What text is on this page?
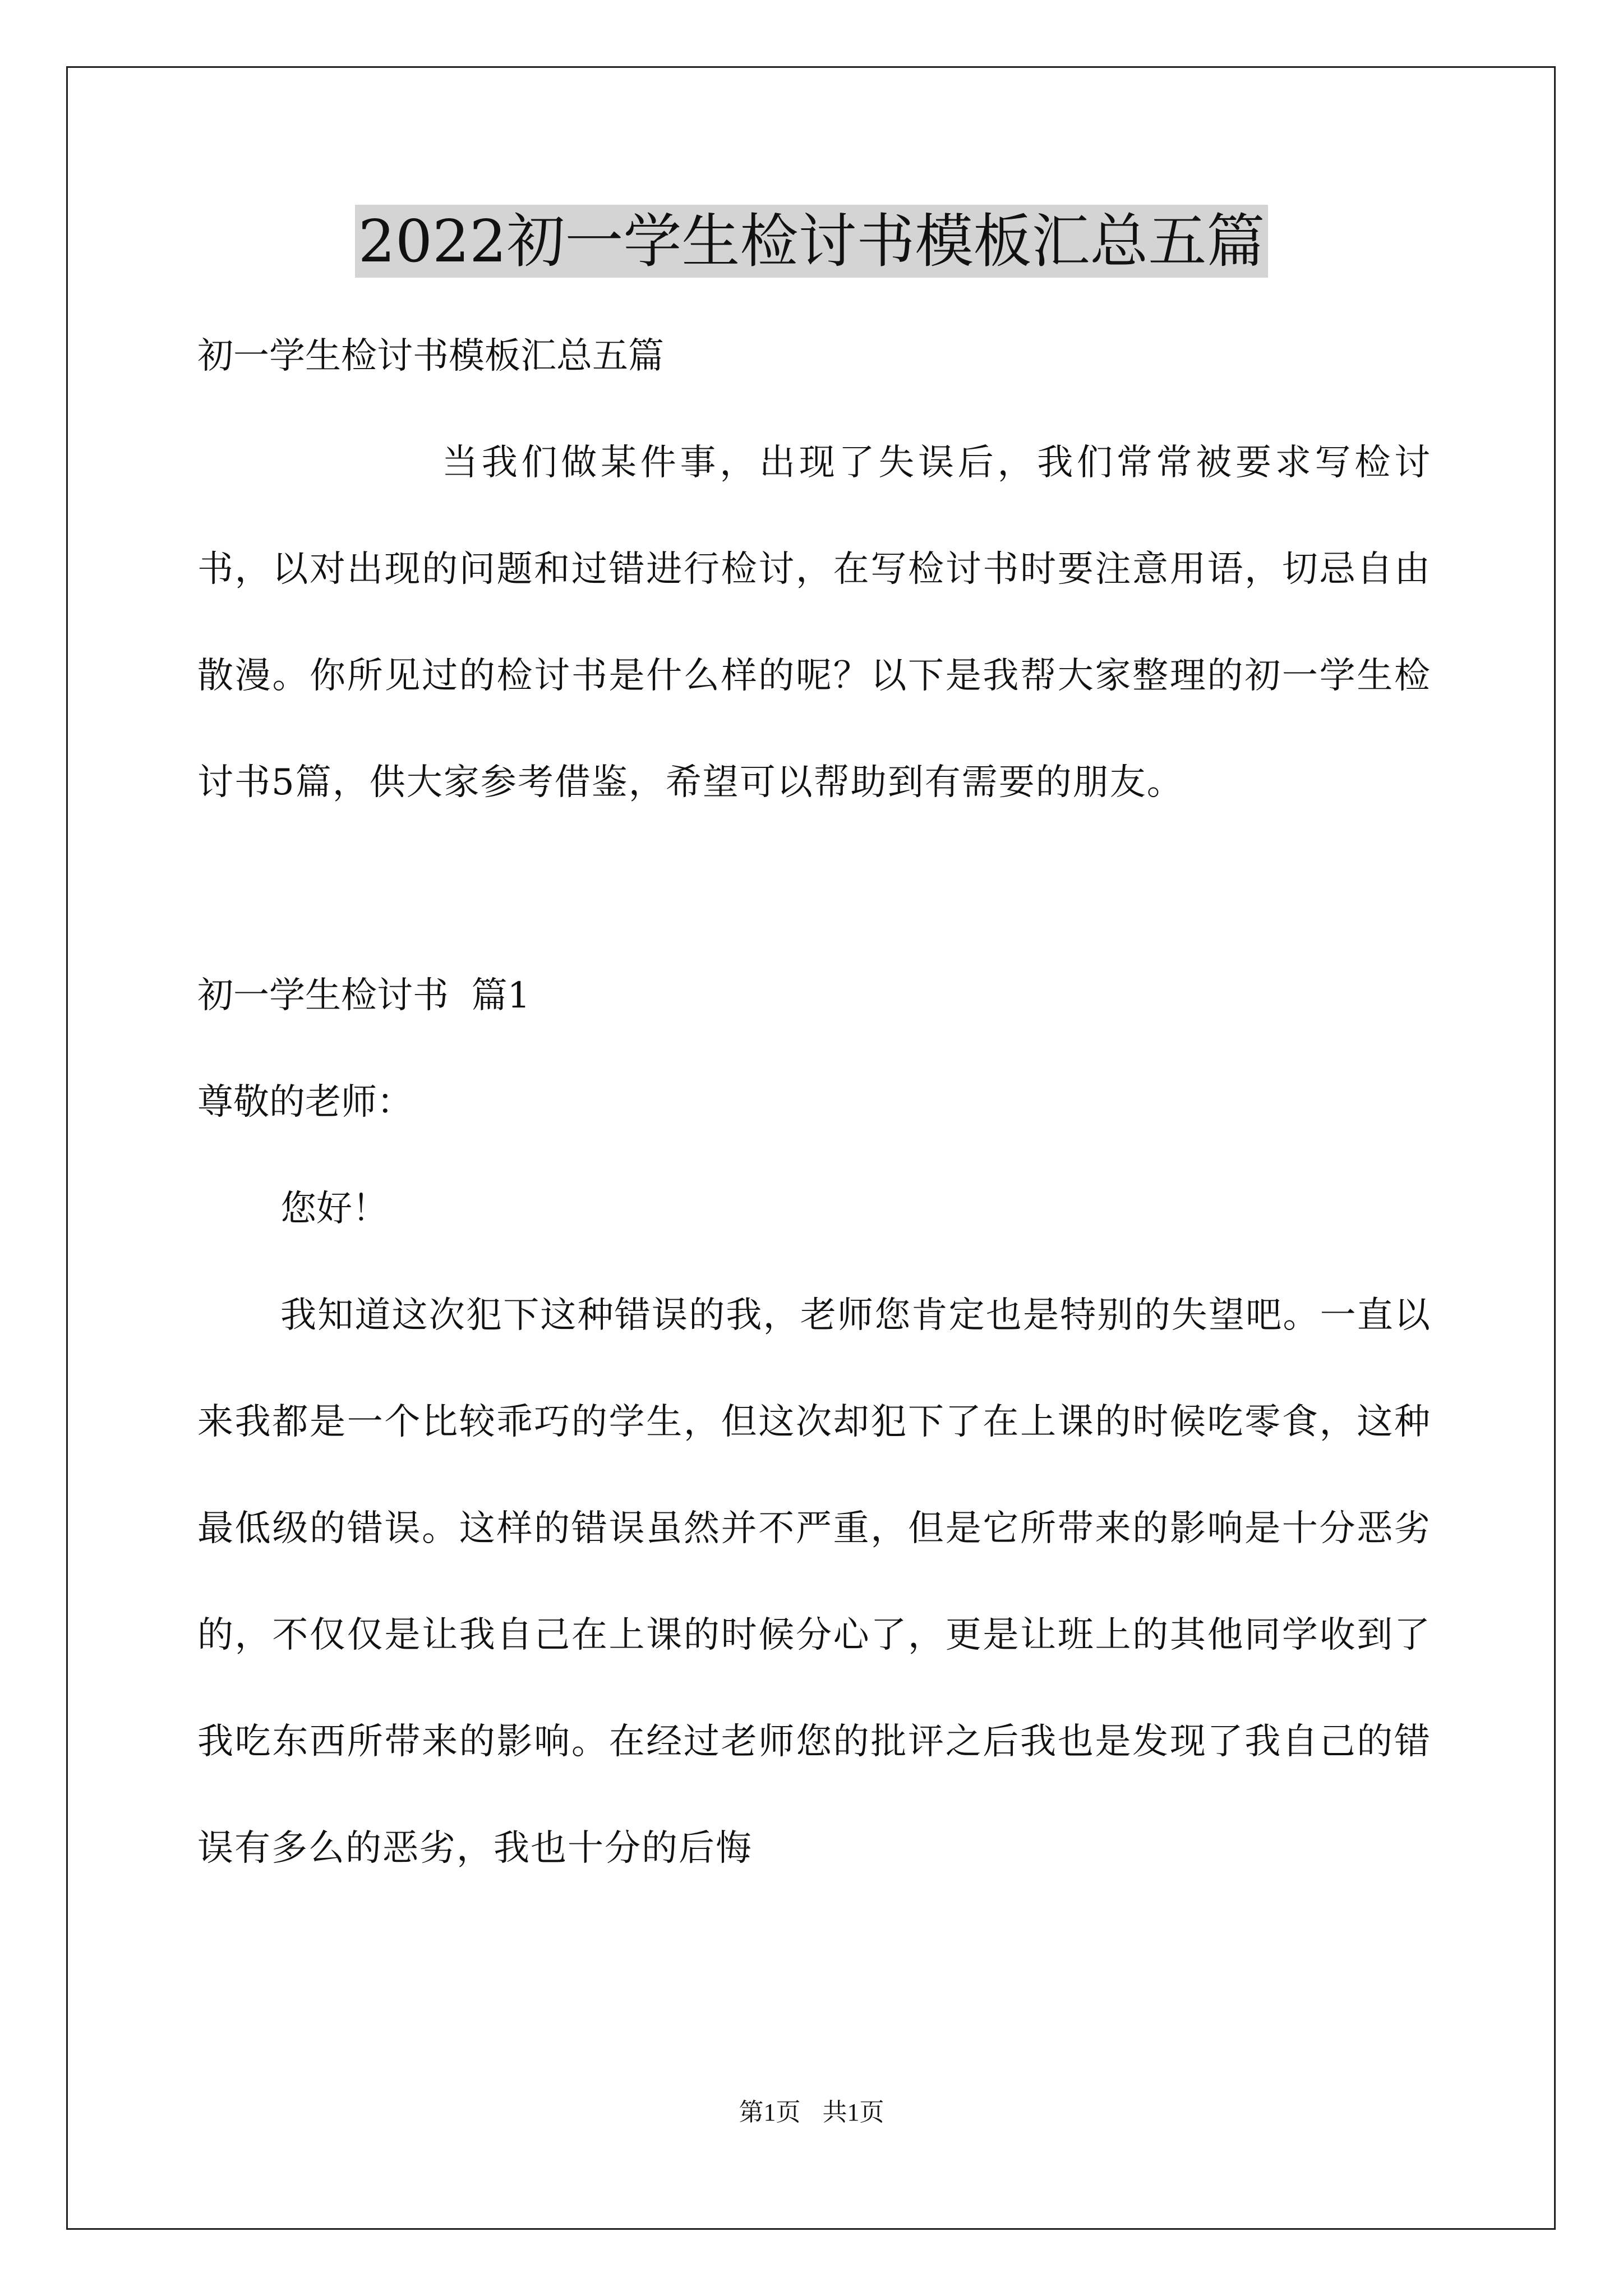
2022初一学生检讨书模板汇总五篇

初一学生检讨书模板汇总五篇

当我们做某件事，出现了失误后，我们常常被要求写检讨书，以对出现的问题和过错进行检讨，在写检讨书时要注意用语，切忌自由散漫。你所见过的检讨书是什么样的呢？以下是我帮大家整理的初一学生检讨书5篇，供大家参考借鉴，希望可以帮助到有需要的朋友。

初一学生检讨书  篇1

尊敬的老师：

您好！

我知道这次犯下这种错误的我，老师您肯定也是特别的失望吧。一直以来我都是一个比较乖巧的学生，但这次却犯下了在上课的时候吃零食，这种最低级的错误。这样的错误虽然并不严重，但是它所带来的影响是十分恶劣的，不仅仅是让我自己在上课的时候分心了，更是让班上的其他同学收到了我吃东西所带来的影响。在经过老师您的批评之后我也是发现了我自己的错误有多么的恶劣，我也十分的后悔

第1页 共1页
